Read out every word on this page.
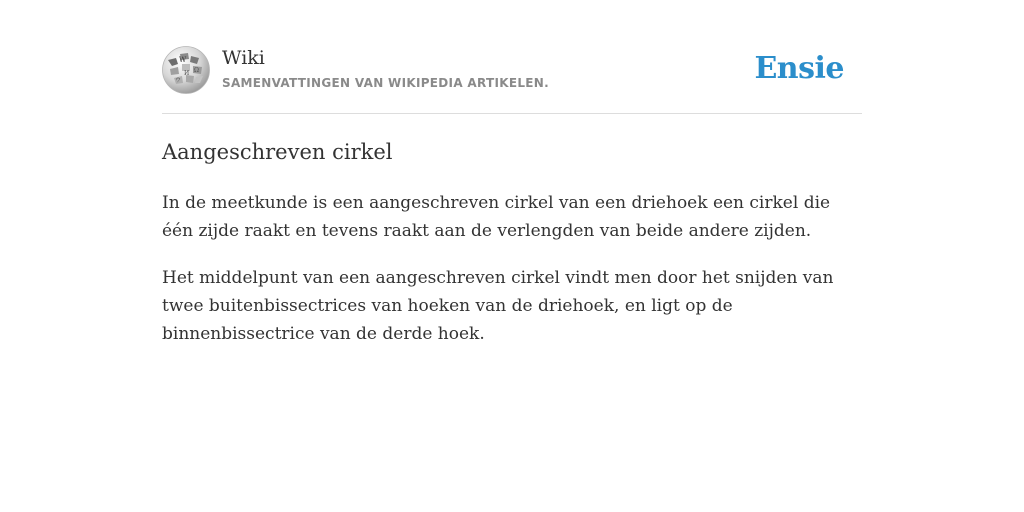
W
И Ω
ウ
Wiki
SAMENVATTINGEN VAN WIKIPEDIA ARTIKELEN.	Ensie
Aangeschreven cirkel

In de meetkunde is een aangeschreven cirkel van een driehoek een cirkel die één zijde raakt en tevens raakt aan de verlengden van beide andere zijden.

Het middelpunt van een aangeschreven cirkel vindt men door het snijden van twee buitenbissectrices van hoeken van de driehoek, en ligt op de binnenbissectrice van de derde hoek.
